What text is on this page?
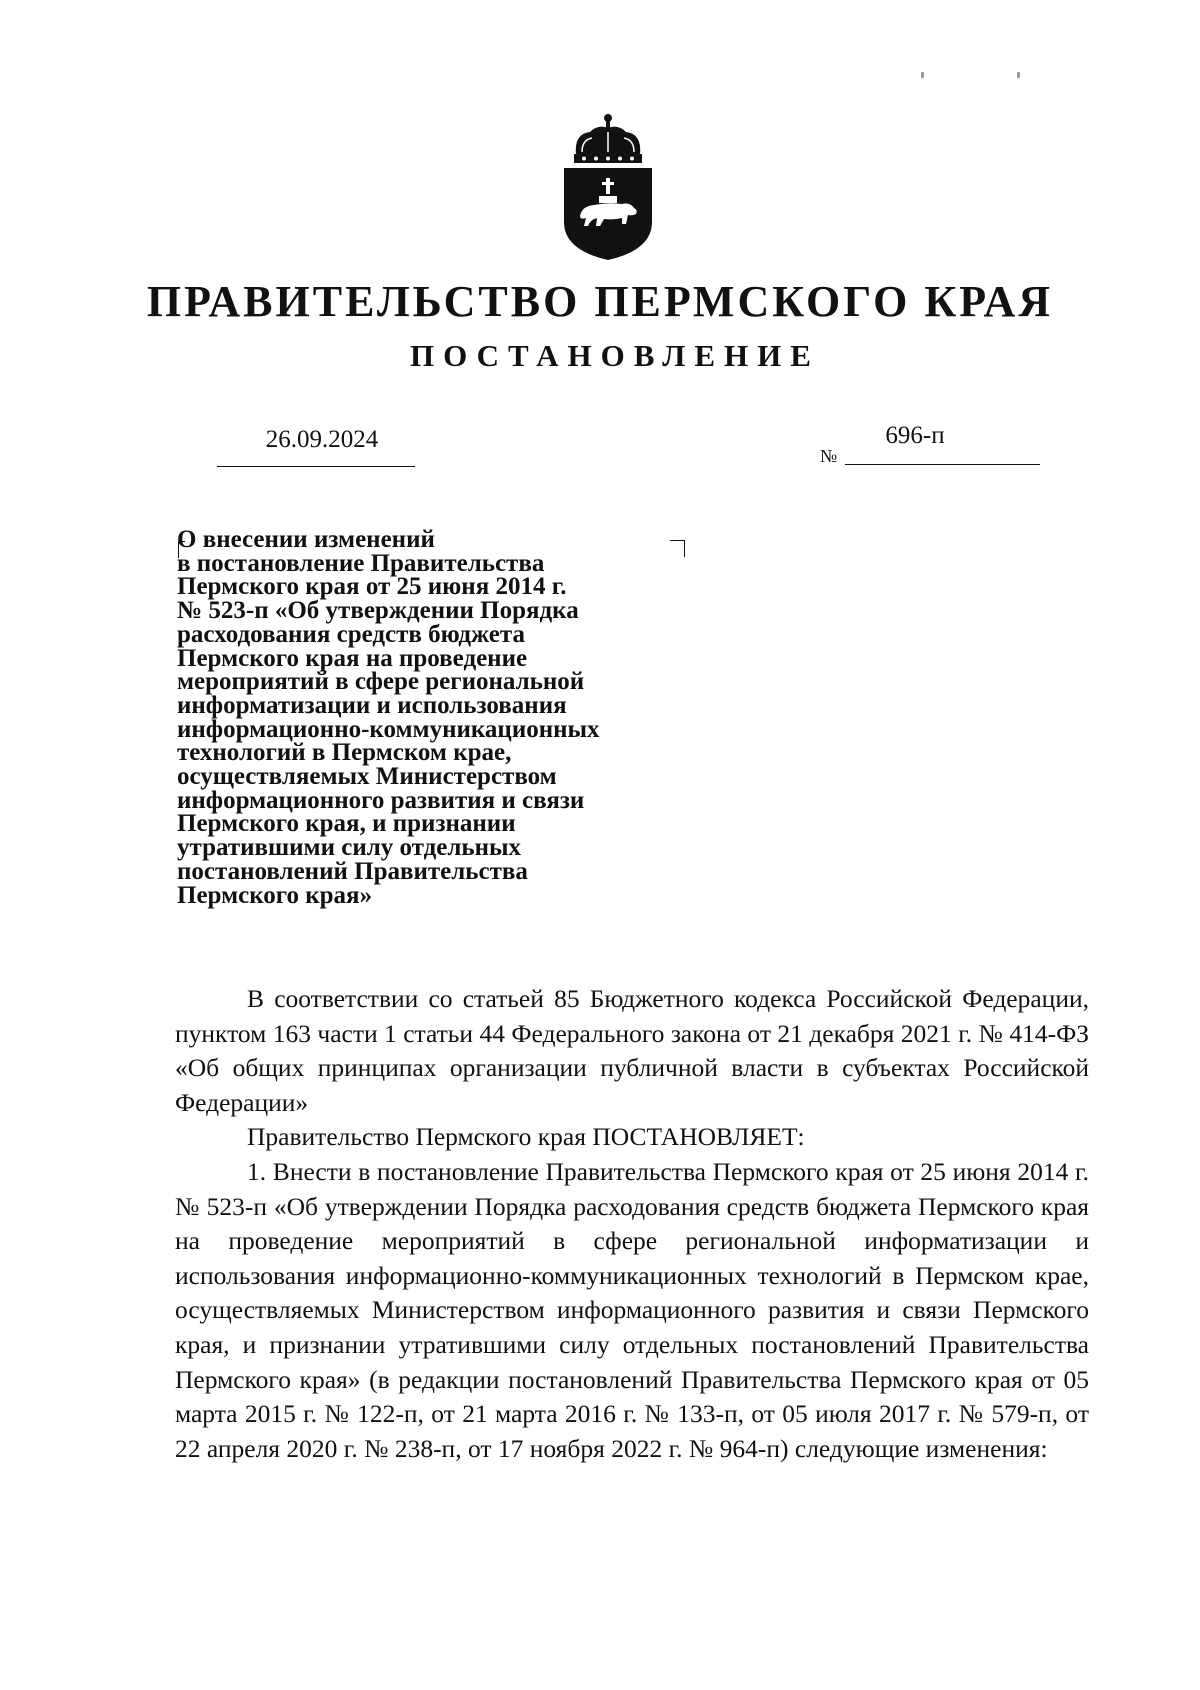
ПРАВИТЕЛЬСТВО ПЕРМСКОГО КРАЯ
ПОСТАНОВЛЕНИЕ
26.09.2024
№
696-п
О внесении изменений
в постановление Правительства
Пермского края от 25 июня 2014 г.
№ 523-п «Об утверждении Порядка
расходования средств бюджета
Пермского края на проведение
мероприятий в сфере региональной
информатизации и использования
информационно-коммуникационных
технологий в Пермском крае,
осуществляемых Министерством
информационного развития и связи
Пермского края, и признании
утратившими силу отдельных
постановлений Правительства
Пермского края»

В соответствии со статьей 85 Бюджетного кодекса Российской Федерации, пунктом 163 части 1 статьи 44 Федерального закона от 21 декабря 2021 г. № 414-ФЗ «Об общих принципах организации публичной власти в субъектах Российской Федерации»

Правительство Пермского края ПОСТАНОВЛЯЕТ:

1. Внести в постановление Правительства Пермского края от 25 июня 2014 г. № 523-п «Об утверждении Порядка расходования средств бюджета Пермского края на проведение мероприятий в сфере региональной информатизации и использования информационно-коммуникационных технологий в Пермском крае, осуществляемых Министерством информационного развития и связи Пермского края, и признании утратившими силу отдельных постановлений Правительства Пермского края» (в редакции постановлений Правительства Пермского края от 05 марта 2015 г. № 122-п, от 21 марта 2016 г. № 133-п, от 05 июля 2017 г. № 579-п, от 22 апреля 2020 г. № 238-п, от 17 ноября 2022 г. № 964-п) следующие изменения:
